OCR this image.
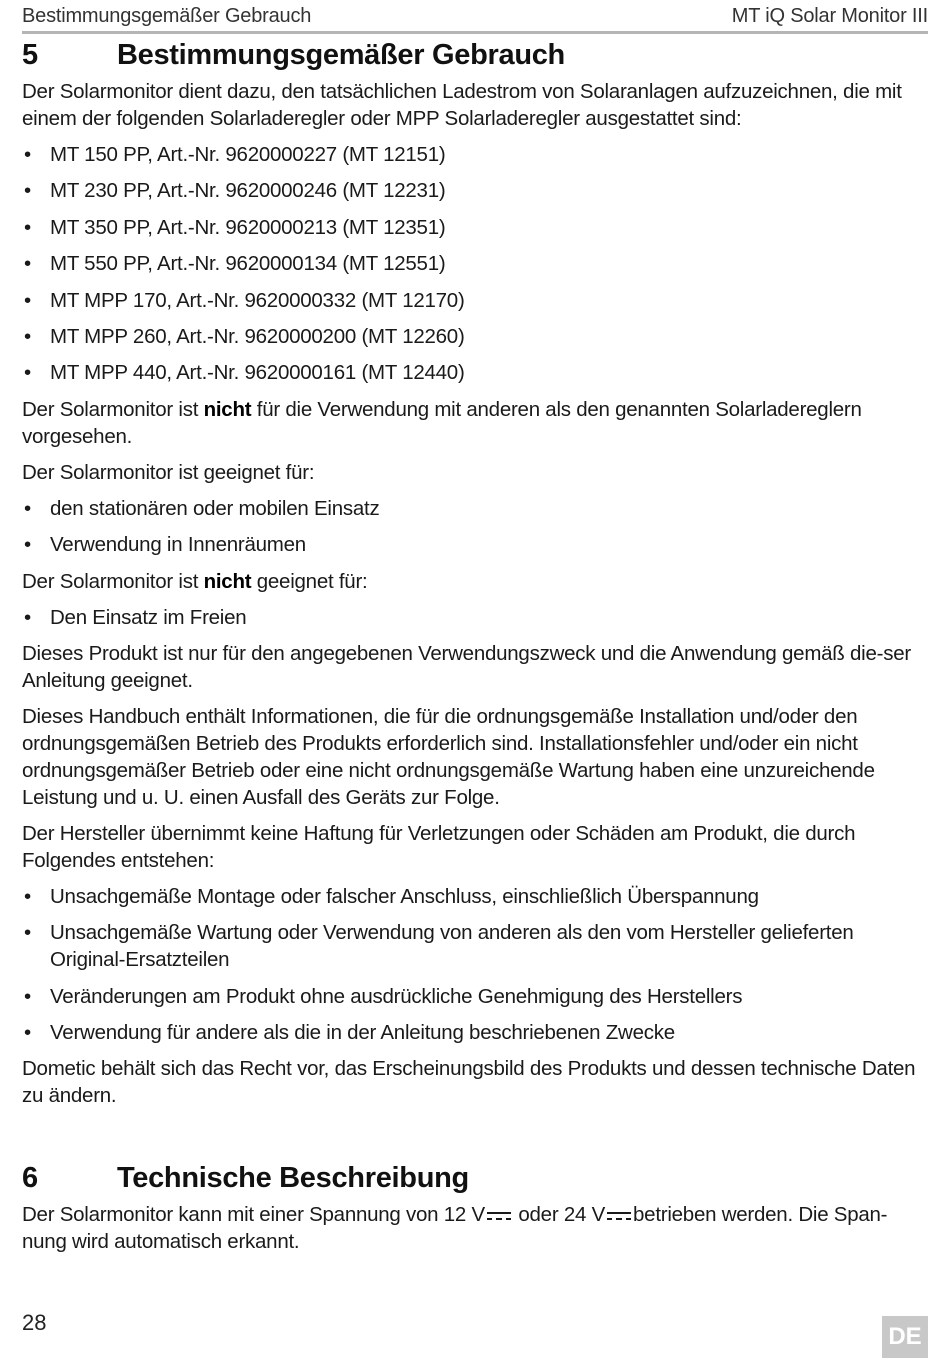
Bestimmungsgemäßer Gebrauch	MT iQ Solar Monitor III
5	Bestimmungsgemäßer Gebrauch

Der Solarmonitor dient dazu, den tatsächlichen Ladestrom von Solaranlagen aufzuzeichnen, die mit einem der folgenden Solarladeregler oder MPP Solarladeregler ausgestattet sind:

• MT 150 PP, Art.-Nr. 9620000227 (MT 12151)
• MT 230 PP, Art.-Nr. 9620000246 (MT 12231)
• MT 350 PP, Art.-Nr. 9620000213 (MT 12351)
• MT 550 PP, Art.-Nr. 9620000134 (MT 12551)
• MT MPP 170, Art.-Nr. 9620000332 (MT 12170)
• MT MPP 260, Art.-Nr. 9620000200 (MT 12260)
• MT MPP 440, Art.-Nr. 9620000161 (MT 12440)

Der Solarmonitor ist nicht für die Verwendung mit anderen als den genannten Solarladereglern vorgesehen.

Der Solarmonitor ist geeignet für:

• den stationären oder mobilen Einsatz
• Verwendung in Innenräumen

Der Solarmonitor ist nicht geeignet für:

• Den Einsatz im Freien

Dieses Produkt ist nur für den angegebenen Verwendungszweck und die Anwendung gemäß die-ser Anleitung geeignet.

Dieses Handbuch enthält Informationen, die für die ordnungsgemäße Installation und/oder den ordnungsgemäßen Betrieb des Produkts erforderlich sind. Installationsfehler und/oder ein nicht ordnungsgemäßer Betrieb oder eine nicht ordnungsgemäße Wartung haben eine unzureichende Leistung und u. U. einen Ausfall des Geräts zur Folge.

Der Hersteller übernimmt keine Haftung für Verletzungen oder Schäden am Produkt, die durch Folgendes entstehen:

• Unsachgemäße Montage oder falscher Anschluss, einschließlich Überspannung
• Unsachgemäße Wartung oder Verwendung von anderen als den vom Hersteller gelieferten Original-Ersatzteilen
• Veränderungen am Produkt ohne ausdrückliche Genehmigung des Herstellers
• Verwendung für andere als die in der Anleitung beschriebenen Zwecke

Dometic behält sich das Recht vor, das Erscheinungsbild des Produkts und dessen technische Daten zu ändern.

6	Technische Beschreibung

Der Solarmonitor kann mit einer Spannung von 12 V oder 24 V betrieben werden. Die Span-nung wird automatisch erkannt.

28
DE
